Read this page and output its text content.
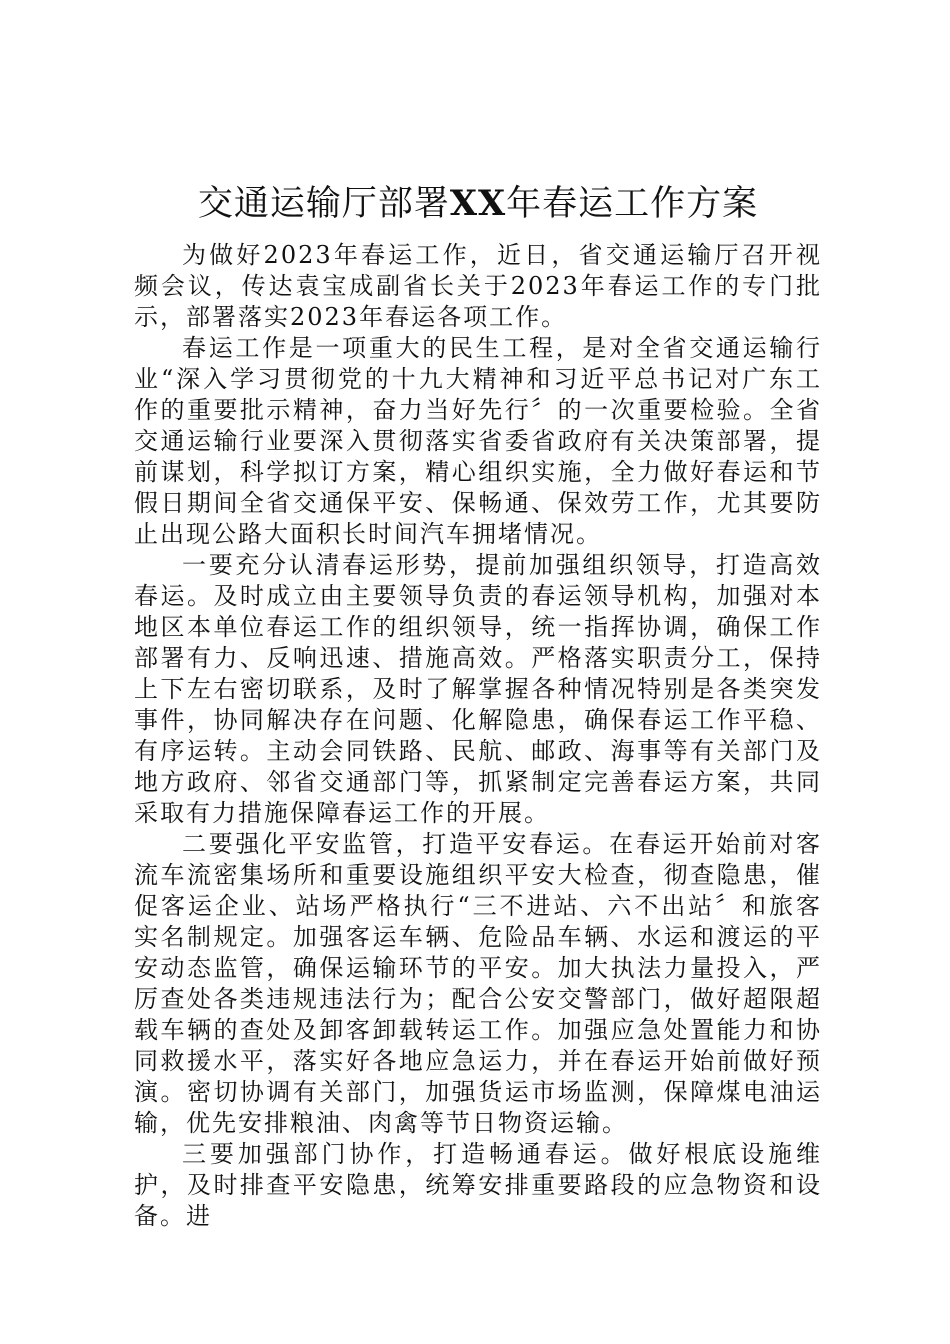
交通运输厅部署XX年春运工作方案

为做好2023年春运工作，近日，省交通运输厅召开视频会议，传达袁宝成副省长关于2023年春运工作的专门批示，部署落实2023年春运各项工作。

春运工作是一项重大的民生工程，是对全省交通运输行业“深入学习贯彻党的十九大精神和习近平总书记对广东工作的重要批示精神，奋力当好先行〞的一次重要检验。全省交通运输行业要深入贯彻落实省委省政府有关决策部署，提前谋划，科学拟订方案，精心组织实施，全力做好春运和节假日期间全省交通保平安、保畅通、保效劳工作，尤其要防止出现公路大面积长时间汽车拥堵情况。

一要充分认清春运形势，提前加强组织领导，打造高效春运。及时成立由主要领导负责的春运领导机构，加强对本地区本单位春运工作的组织领导，统一指挥协调，确保工作部署有力、反响迅速、措施高效。严格落实职责分工，保持上下左右密切联系，及时了解掌握各种情况特别是各类突发事件，协同解决存在问题、化解隐患，确保春运工作平稳、有序运转。主动会同铁路、民航、邮政、海事等有关部门及地方政府、邻省交通部门等，抓紧制定完善春运方案，共同采取有力措施保障春运工作的开展。

二要强化平安监管，打造平安春运。在春运开始前对客流车流密集场所和重要设施组织平安大检查，彻查隐患，催促客运企业、站场严格执行“三不进站、六不出站〞和旅客实名制规定。加强客运车辆、危险品车辆、水运和渡运的平安动态监管，确保运输环节的平安。加大执法力量投入，严厉查处各类违规违法行为；配合公安交警部门，做好超限超载车辆的查处及卸客卸载转运工作。加强应急处置能力和协同救援水平，落实好各地应急运力，并在春运开始前做好预演。密切协调有关部门，加强货运市场监测，保障煤电油运输，优先安排粮油、肉禽等节日物资运输。

三要加强部门协作，打造畅通春运。做好根底设施维护，及时排查平安隐患，统筹安排重要路段的应急物资和设备。进
